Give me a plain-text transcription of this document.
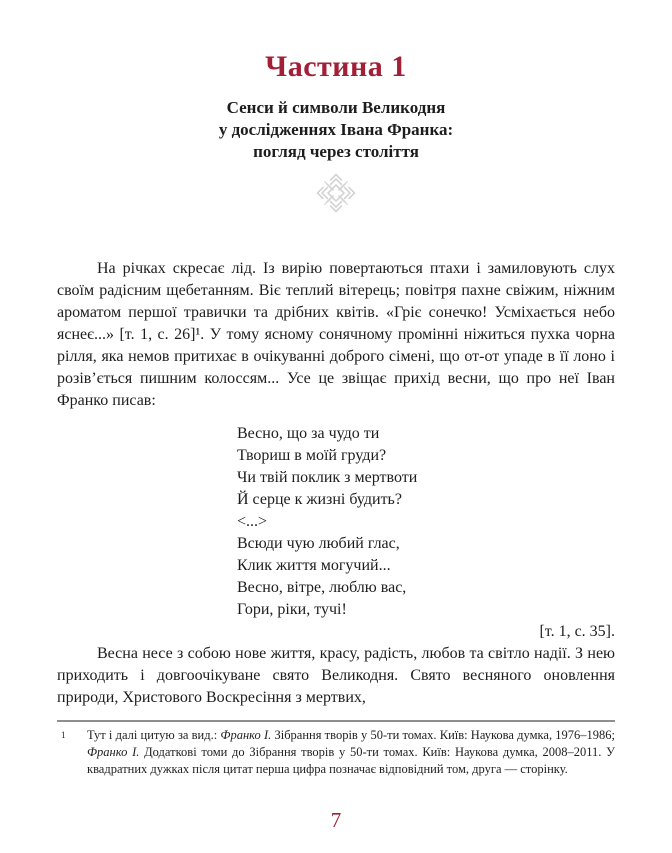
Частина 1
Сенси й символи Великодня
у дослідженнях Івана Франка:
погляд через століття

На річках скресає лід. Із вирію повертаються птахи і замиловують слух своїм радісним щебетанням. Віє теплий вітерець; повітря пахне свіжим, ніжним ароматом першої травички та дрібних квітів. «Гріє сонечко! Усміхається небо яснеє...» [т. 1, с. 26]¹. У тому ясному сонячному промінні ніжиться пухка чорна рілля, яка немов притихає в очікуванні доброго сімені, що от-от упаде в її лоно і розів’ється пишним колоссям... Усе це звіщає прихід весни, що про неї Іван Франко писав:

Весно, що за чудо ти
Твориш в моїй груди?
Чи твій поклик з мертвоти
Й серце к жизні будить?
<...>
Всюди чую любий глас,
Клик життя могучий...
Весно, вітре, люблю вас,
Гори, ріки, тучі!
[т. 1, с. 35].

Весна несе з собою нове життя, красу, радість, любов та світло надії. З нею приходить і довгоочікуване свято Великодня. Свято весняного оновлення природи, Христового Воскресіння з мертвих,

1 Тут і далі цитую за вид.: Франко І. Зібрання творів у 50-ти томах. Київ: Наукова думка, 1976–1986; Франко І. Додаткові томи до Зібрання творів у 50-ти томах. Київ: Наукова думка, 2008–2011. У квадратних дужках після цитат перша цифра позначає відповідний том, друга — сторінку.
7
